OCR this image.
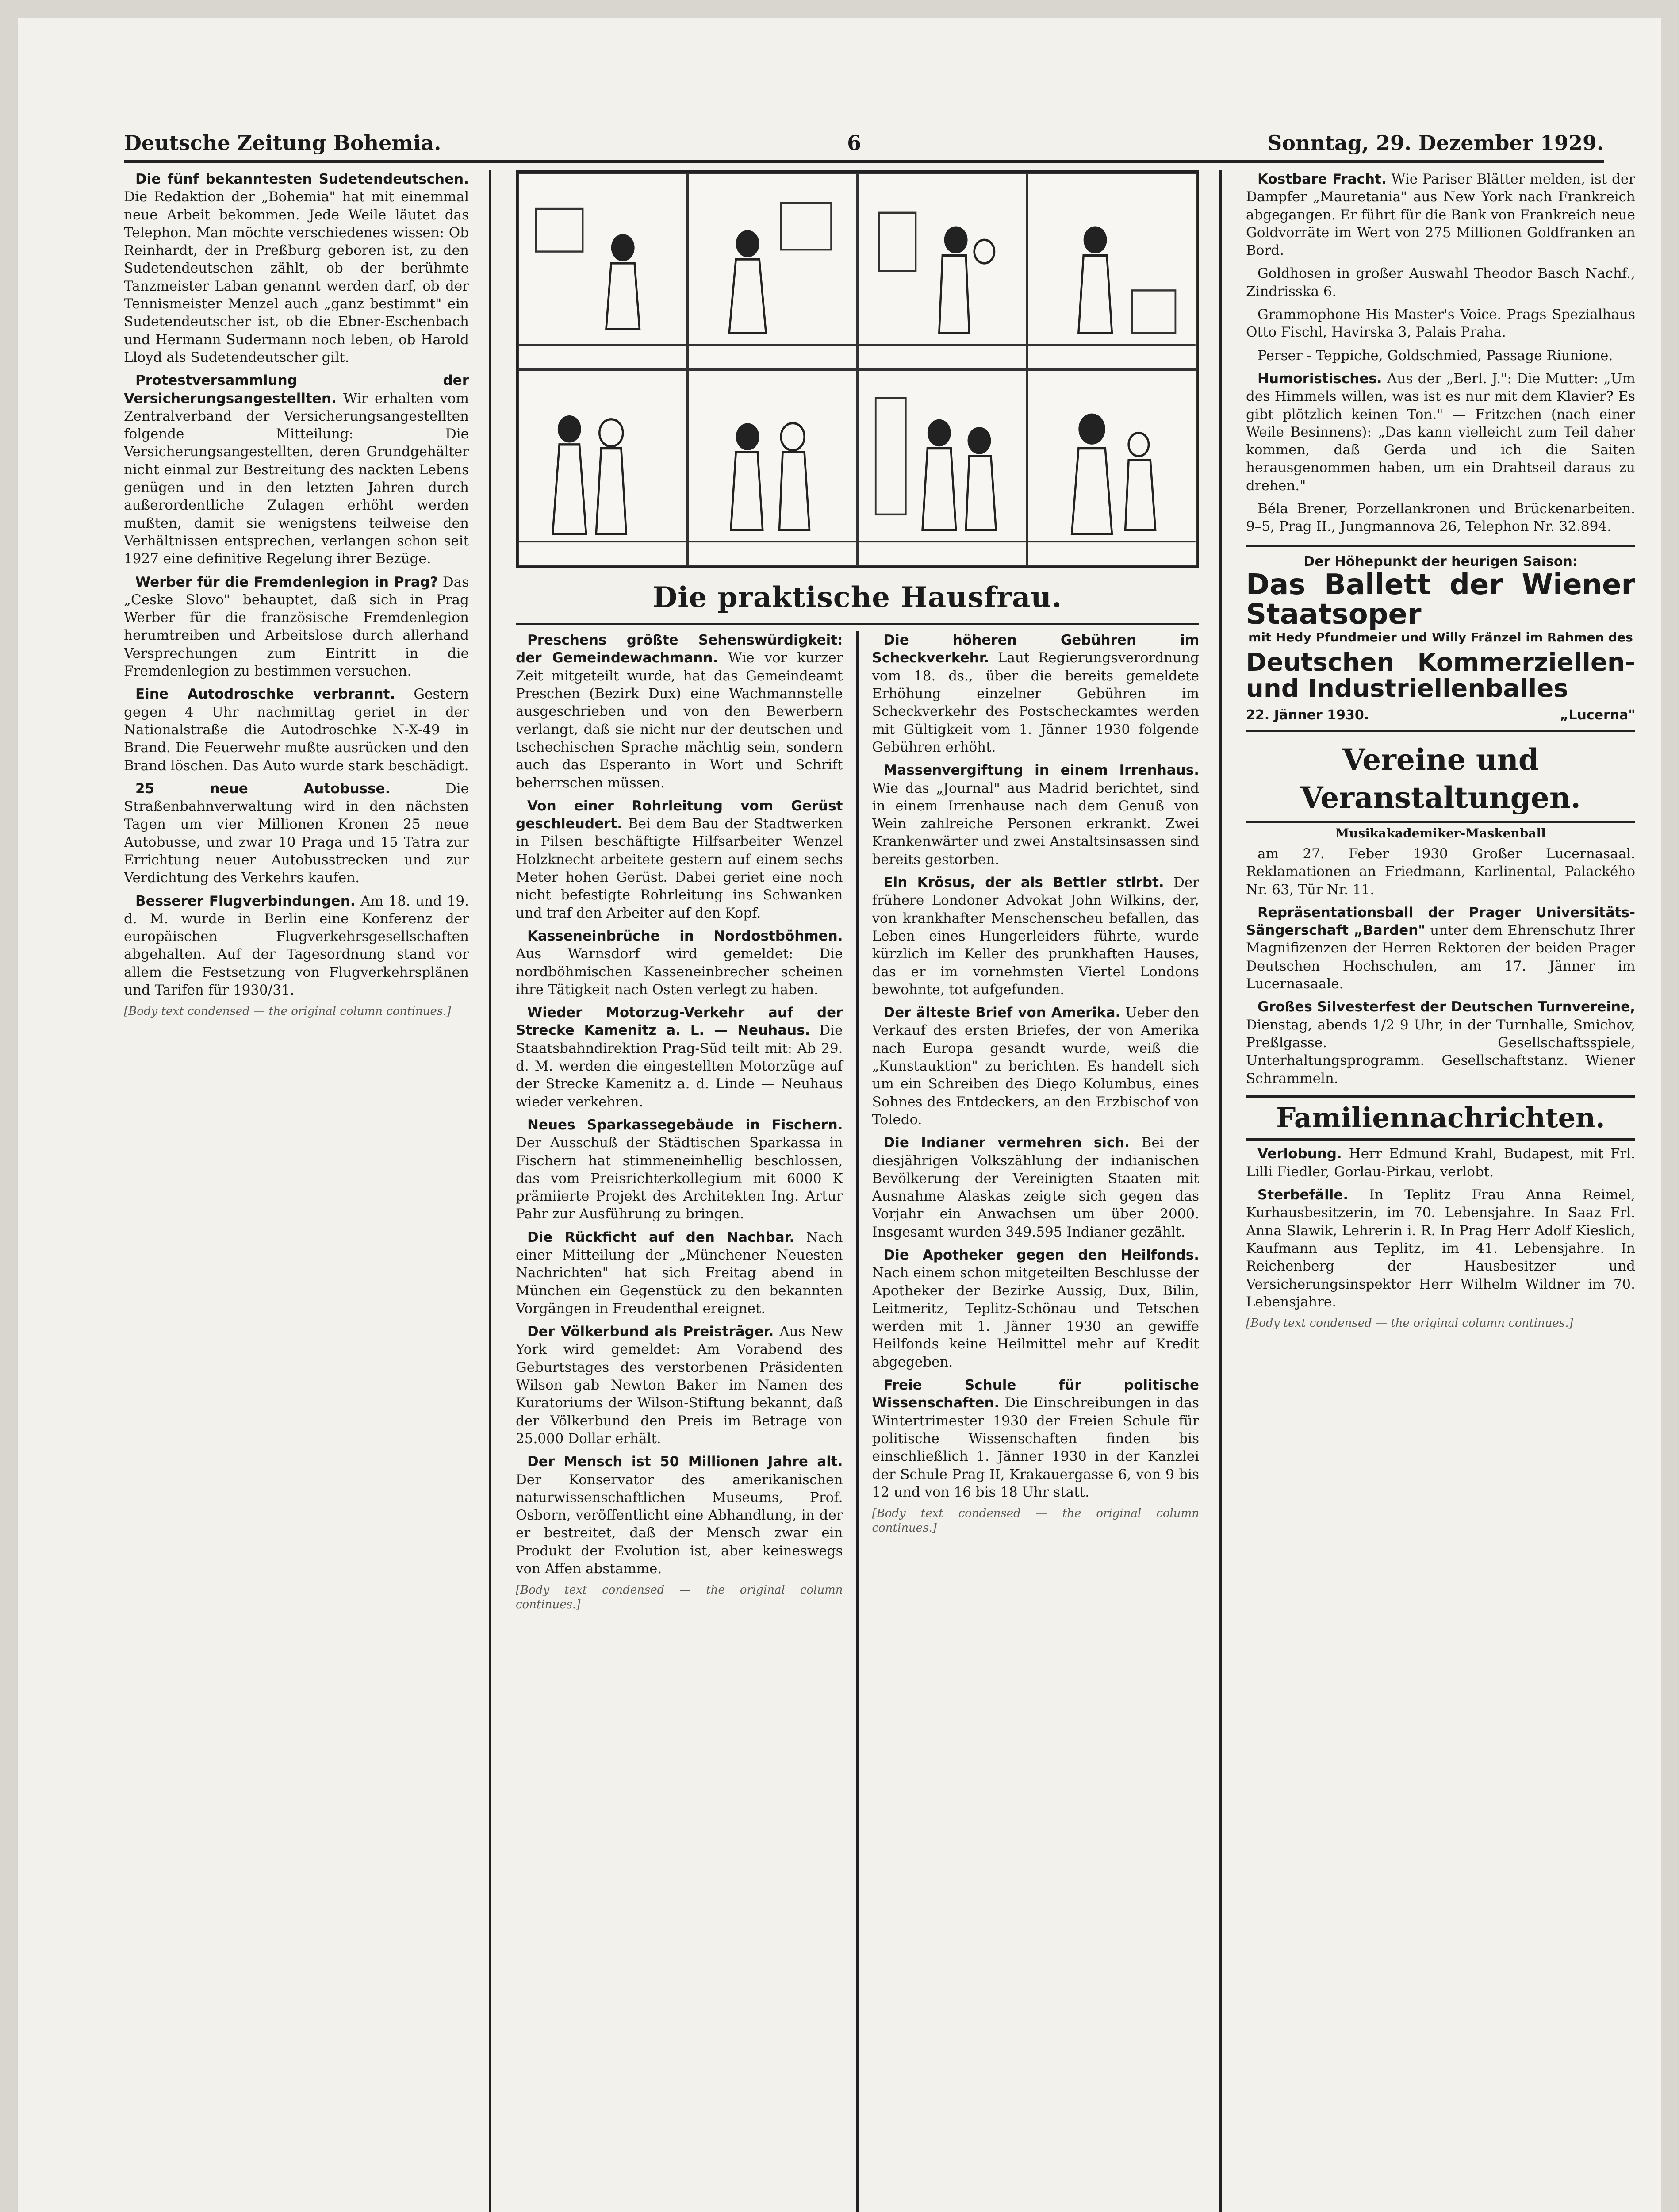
Deutsche Zeitung Bohemia.	6	Sonntag, 29. Dezember 1929.

Die fünf bekanntesten Sudetendeutschen. Die Redaktion der „Bohemia" hat mit einemmal neue Arbeit bekommen. Jede Weile läutet das Telephon. Man möchte verschiedenes wissen: Ob Reinhardt, der in Preßburg geboren ist, zu den Sudetendeutschen zählt, ob der berühmte Tanzmeister Laban genannt werden darf, ob der Tennismeister Menzel auch „ganz bestimmt" ein Sudetendeutscher ist, ob die Ebner-Eschenbach und Hermann Sudermann noch leben, ob Harold Lloyd als Sudetendeutscher gilt.

Protestversammlung der Versicherungsangestellten. Wir erhalten vom Zentralverband der Versicherungsangestellten folgende Mitteilung: Die Versicherungsangestellten, deren Grundgehälter nicht einmal zur Bestreitung des nackten Lebens genügen und in den letzten Jahren durch außerordentliche Zulagen erhöht werden mußten, damit sie wenigstens teilweise den Verhältnissen entsprechen, verlangen schon seit 1927 eine definitive Regelung ihrer Bezüge.

Werber für die Fremdenlegion in Prag? Das „Ceske Slovo" behauptet, daß sich in Prag Werber für die französische Fremdenlegion herumtreiben und Arbeitslose durch allerhand Versprechungen zum Eintritt in die Fremdenlegion zu bestimmen versuchen.

Eine Autodroschke verbrannt. Gestern gegen 4 Uhr nachmittag geriet in der Nationalstraße die Autodroschke N-X-49 in Brand. Die Feuerwehr mußte ausrücken und den Brand löschen. Das Auto wurde stark beschädigt.

25 neue Autobusse.	Die Straßenbahnverwaltung wird in den nächsten Tagen um vier Millionen Kronen 25 neue Autobusse, und zwar 10 Praga und 15 Tatra zur Errichtung neuer Autobusstrecken und zur Verdichtung des Verkehrs kaufen.

Besserer Flugverbindungen. Am 18. und 19. d. M. wurde in Berlin eine Konferenz der europäischen Flugverkehrsgesellschaften abgehalten. Auf der Tagesordnung stand vor allem die Festsetzung von Flugverkehrsplänen und Tarifen für 1930/31.

[Body text condensed — the original column continues.]
Die praktische Hausfrau.

Preschens größte Sehenswürdigkeit: der Gemeindewachmann. Wie vor kurzer Zeit mitgeteilt wurde, hat das Gemeindeamt Preschen (Bezirk Dux) eine Wachmannstelle ausgeschrieben und von den Bewerbern verlangt, daß sie nicht nur der deutschen und tschechischen Sprache mächtig sein, sondern auch das Esperanto in Wort und Schrift beherrschen müssen.

Von einer Rohrleitung vom Gerüst geschleudert. Bei dem Bau der Stadtwerken in Pilsen beschäftigte Hilfsarbeiter Wenzel Holzknecht arbeitete gestern auf einem sechs Meter hohen Gerüst. Dabei geriet eine noch nicht befestigte Rohrleitung ins Schwanken und traf den Arbeiter auf den Kopf.

Kasseneinbrüche in Nordostböhmen. Aus Warnsdorf wird gemeldet: Die nordböhmischen Kasseneinbrecher scheinen ihre Tätigkeit nach Osten verlegt zu haben.

Wieder Motorzug-Verkehr auf der Strecke Kamenitz a. L. — Neuhaus. Die Staatsbahndirektion Prag-Süd teilt mit: Ab 29. d. M. werden die eingestellten Motorzüge auf der Strecke Kamenitz a. d. Linde — Neuhaus wieder verkehren.

Neues Sparkassegebäude in Fischern. Der Ausschuß der Städtischen Sparkassa in Fischern hat stimmeneinhellig beschlossen, das vom Preisrichterkollegium mit 6000 K prämiierte Projekt des Architekten Ing. Artur Pahr zur Ausführung zu bringen.

Die Rückficht auf den Nachbar. Nach einer Mitteilung der „Münchener Neuesten Nachrichten" hat sich Freitag abend in München ein Gegenstück zu den bekannten Vorgängen in Freudenthal ereignet.

Der Völkerbund als Preisträger. Aus New York wird gemeldet: Am Vorabend des Geburtstages des verstorbenen Präsidenten Wilson gab Newton Baker im Namen des Kuratoriums der Wilson-Stiftung bekannt, daß der Völkerbund den Preis im Betrage von 25.000 Dollar erhält.

Der Mensch ist 50 Millionen Jahre alt. Der Konservator des amerikanischen naturwissenschaftlichen Museums, Prof. Osborn, veröffentlicht eine Abhandlung, in der er bestreitet, daß der Mensch zwar ein Produkt der Evolution ist, aber keineswegs von Affen abstamme.

[Body text condensed — the original column continues.]

Die höheren Gebühren im Scheckverkehr. Laut Regierungsverordnung vom 18. ds., über die bereits gemeldete Erhöhung einzelner Gebühren im Scheckverkehr des Postscheckamtes werden mit Gültigkeit vom 1. Jänner 1930 folgende Gebühren erhöht.

Massenvergiftung in einem Irrenhaus. Wie das „Journal" aus Madrid berichtet, sind in einem Irrenhause nach dem Genuß von Wein zahlreiche Personen erkrankt. Zwei Krankenwärter und zwei Anstaltsinsassen sind bereits gestorben.

Ein Krösus, der als Bettler stirbt. Der frühere Londoner Advokat John Wilkins, der, von krankhafter Menschenscheu befallen, das Leben eines Hungerleiders führte, wurde kürzlich im Keller des prunkhaften Hauses, das er im vornehmsten Viertel Londons bewohnte, tot aufgefunden.

Der älteste Brief von Amerika. Ueber den Verkauf des ersten Briefes, der von Amerika nach Europa gesandt wurde, weiß die „Kunstauktion" zu berichten. Es handelt sich um ein Schreiben des Diego Kolumbus, eines Sohnes des Entdeckers, an den Erzbischof von Toledo.

Die Indianer vermehren sich. Bei der diesjährigen Volkszählung der indianischen Bevölkerung der Vereinigten Staaten mit Ausnahme Alaskas zeigte sich gegen das Vorjahr ein Anwachsen um über 2000. Insgesamt wurden 349.595 Indianer gezählt.

Die Apotheker gegen den Heilfonds. Nach einem schon mitgeteilten Beschlusse der Apotheker der Bezirke Aussig, Dux, Bilin, Leitmeritz, Teplitz-Schönau und Tetschen werden mit 1. Jänner 1930 an gewiffe Heilfonds keine Heilmittel mehr auf Kredit abgegeben.

Freie Schule für politische Wissenschaften. Die Einschreibungen in das Wintertrimester 1930 der Freien Schule für politische Wissenschaften finden bis einschließlich 1. Jänner 1930 in der Kanzlei der Schule Prag II, Krakauergasse 6, von 9 bis 12 und von 16 bis 18 Uhr statt.

[Body text condensed — the original column continues.]

Kostbare Fracht. Wie Pariser Blätter melden, ist der Dampfer „Mauretania" aus New York nach Frankreich abgegangen. Er führt für die Bank von Frankreich neue Goldvorräte im Wert von 275 Millionen Goldfranken an Bord.

Goldhosen in großer Auswahl Theodor Basch Nachf., Zindrisska 6.

Grammophone His Master's Voice. Prags Spezialhaus Otto Fischl, Havirska 3, Palais Praha.

Perser - Teppiche, Goldschmied, Passage Riunione.

Humoristisches. Aus der „Berl. J.": Die Mutter: „Um des Himmels willen, was ist es nur mit dem Klavier? Es gibt plötzlich keinen Ton." — Fritzchen (nach einer Weile Besinnens): „Das kann vielleicht zum Teil daher kommen, daß Gerda und ich die Saiten herausgenommen haben, um ein Drahtseil daraus zu drehen."

Béla Brener, Porzellankronen und Brückenarbeiten. 9–5, Prag II., Jungmannova 26, Telephon Nr. 32.894.

Der Höhepunkt der heurigen Saison:
Das Ballett der Wiener Staatsoper
mit Hedy Pfundmeier und Willy Fränzel im Rahmen des
Deutschen Kommerziellen- und Industriellenballes
22. Jänner 1930.	„Lucerna"
Vereine und Veranstaltungen.
Musikakademiker-Maskenball

am 27. Feber 1930 Großer Lucernasaal. Reklamationen an Friedmann, Karlinental, Palackého Nr. 63, Tür Nr. 11.

Repräsentationsball der Prager Universitäts-Sängerschaft „Barden" unter dem Ehrenschutz Ihrer Magnifizenzen der Herren Rektoren der beiden Prager Deutschen Hochschulen, am 17. Jänner im Lucernasaale.

Großes Silvesterfest der Deutschen Turnvereine, Dienstag, abends 1/2 9 Uhr, in der Turnhalle, Smichov, Preßlgasse. Gesellschaftsspiele, Unterhaltungsprogramm. Gesellschaftstanz. Wiener Schrammeln.

Familiennachrichten.

Verlobung. Herr Edmund Krahl, Budapest, mit Frl. Lilli Fiedler, Gorlau-Pirkau, verlobt.

Sterbefälle. In Teplitz Frau Anna Reimel, Kurhausbesitzerin, im 70. Lebensjahre. In Saaz Frl. Anna Slawik, Lehrerin i. R. In Prag Herr Adolf Kieslich, Kaufmann aus Teplitz, im 41. Lebensjahre. In Reichenberg der Hausbesitzer und Versicherungsinspektor Herr Wilhelm Wildner im 70. Lebensjahre.

[Body text condensed — the original column continues.]
